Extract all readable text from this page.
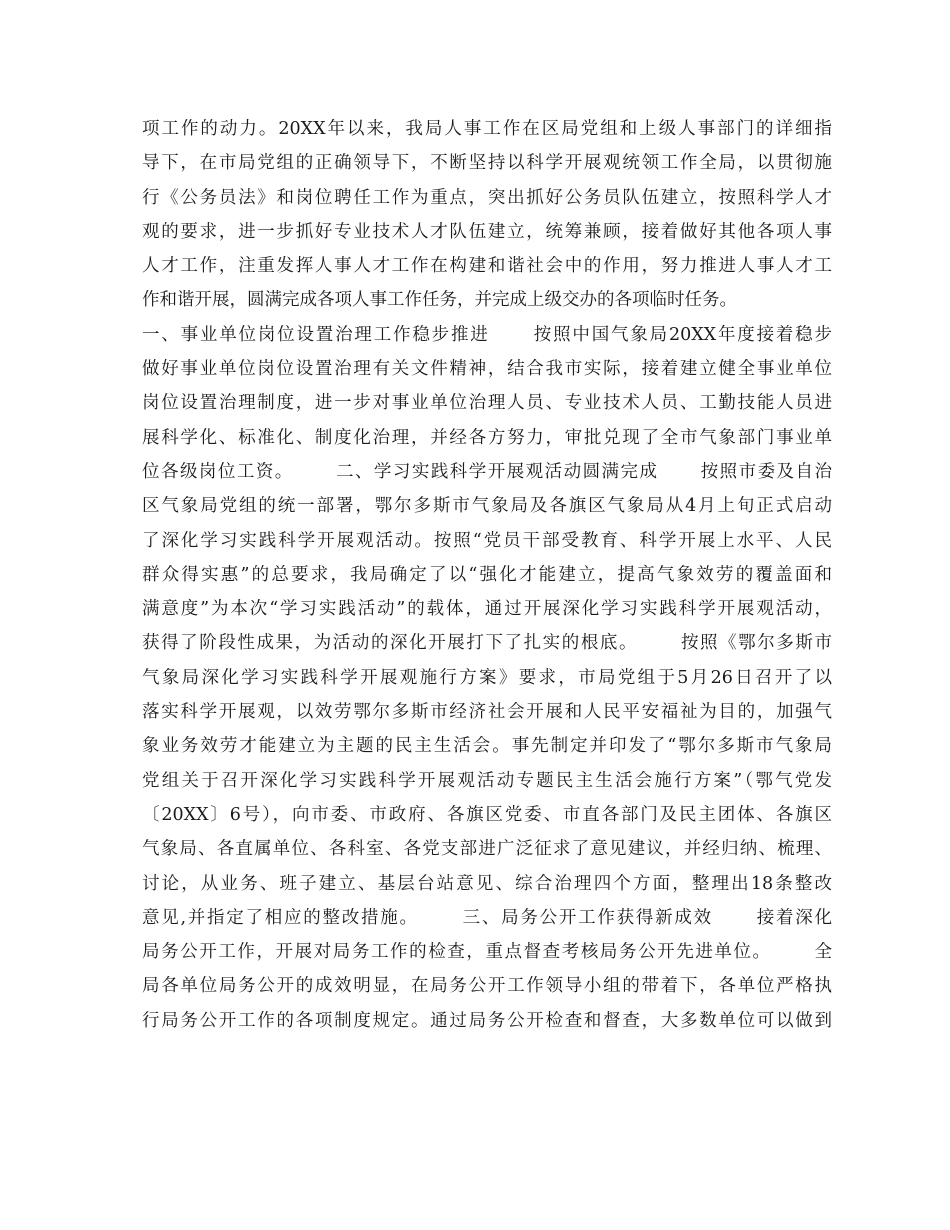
项工作的动力。20XX年以来，我局人事工作在区局党组和上级人事部门的详细指
导下，在市局党组的正确领导下，不断坚持以科学开展观统领工作全局，以贯彻施
行《公务员法》和岗位聘任工作为重点，突出抓好公务员队伍建立，按照科学人才
观的要求，进一步抓好专业技术人才队伍建立，统筹兼顾，接着做好其他各项人事
人才工作，注重发挥人事人才工作在构建和谐社会中的作用，努力推进人事人才工
作和谐开展，圆满完成各项人事工作任务，并完成上级交办的各项临时任务。
一、事业单位岗位设置治理工作稳步推进      按照中国气象局20XX年度接着稳步
做好事业单位岗位设置治理有关文件精神，结合我市实际，接着建立健全事业单位
岗位设置治理制度，进一步对事业单位治理人员、专业技术人员、工勤技能人员进
展科学化、标准化、制度化治理，并经各方努力，审批兑现了全市气象部门事业单
位各级岗位工资。      二、学习实践科学开展观活动圆满完成      按照市委及自治
区气象局党组的统一部署，鄂尔多斯市气象局及各旗区气象局从4月上旬正式启动
了深化学习实践科学开展观活动。按照“党员干部受教育、科学开展上水平、人民
群众得实惠”的总要求，我局确定了以“强化才能建立，提高气象效劳的覆盖面和
满意度”为本次“学习实践活动”的载体，通过开展深化学习实践科学开展观活动，
获得了阶段性成果，为活动的深化开展打下了扎实的根底。      按照《鄂尔多斯市
气象局深化学习实践科学开展观施行方案》要求，市局党组于5月26日召开了以
落实科学开展观，以效劳鄂尔多斯市经济社会开展和人民平安福祉为目的，加强气
象业务效劳才能建立为主题的民主生活会。事先制定并印发了“鄂尔多斯市气象局
党组关于召开深化学习实践科学开展观活动专题民主生活会施行方案”（鄂气党发
〔20XX〕6号），向市委、市政府、各旗区党委、市直各部门及民主团体、各旗区
气象局、各直属单位、各科室、各党支部进广泛征求了意见建议，并经归纳、梳理、
讨论，从业务、班子建立、基层台站意见、综合治理四个方面，整理出18条整改
意见,并指定了相应的整改措施。      三、局务公开工作获得新成效      接着深化
局务公开工作，开展对局务工作的检查，重点督查考核局务公开先进单位。      全
局各单位局务公开的成效明显，在局务公开工作领导小组的带着下，各单位严格执
行局务公开工作的各项制度规定。通过局务公开检查和督查，大多数单位可以做到
